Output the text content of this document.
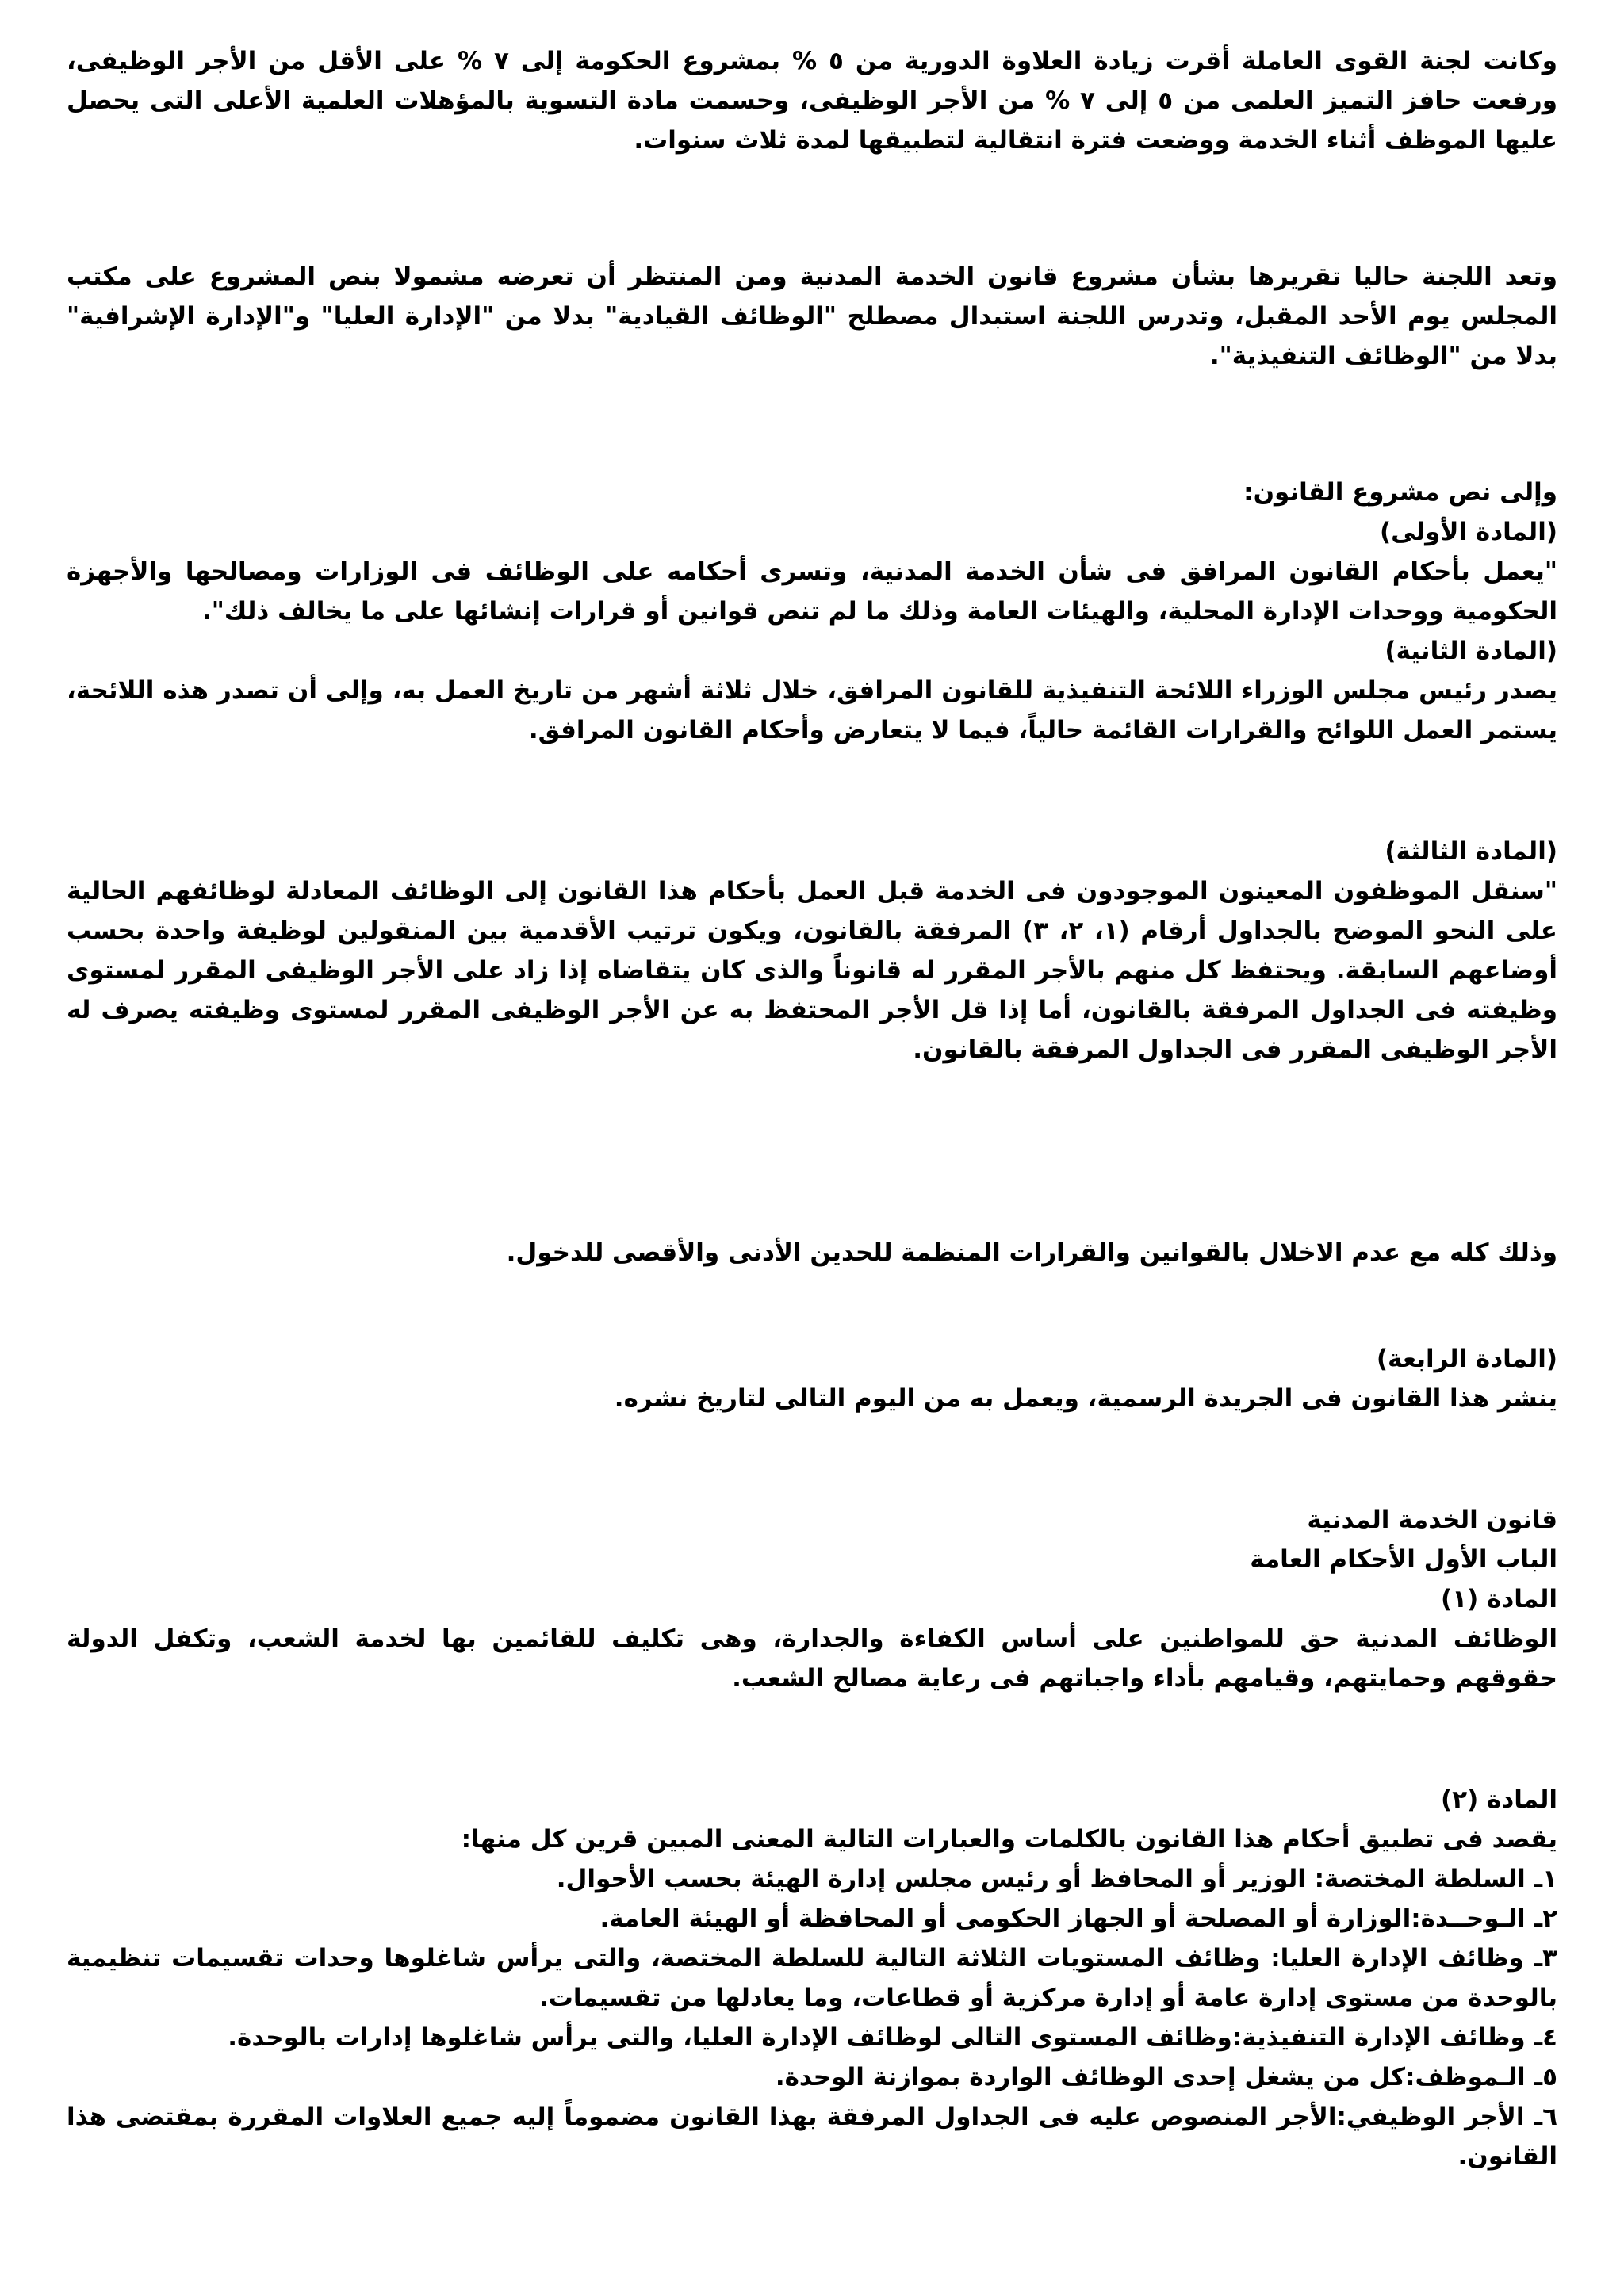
وكانت لجنة القوى العاملة أقرت زيادة العلاوة الدورية من ٥ % بمشروع الحكومة إلى ٧ % على الأقل من الأجر الوظيفى، ورفعت حافز التميز العلمى من ٥ إلى ٧ % من الأجر الوظيفى، وحسمت مادة التسوية بالمؤهلات العلمية الأعلى التى يحصل عليها الموظف أثناء الخدمة ووضعت فترة انتقالية لتطبيقها لمدة ثلاث سنوات.

وتعد اللجنة حاليا تقريرها بشأن مشروع قانون الخدمة المدنية ومن المنتظر أن تعرضه مشمولا بنص المشروع على مكتب المجلس يوم الأحد المقبل، وتدرس اللجنة استبدال مصطلح "الوظائف القيادية" بدلا من "الإدارة العليا" و"الإدارة الإشرافية" بدلا من "الوظائف التنفيذية".

وإلى نص مشروع القانون:

(المادة الأولى)

"يعمل بأحكام القانون المرافق فى شأن الخدمة المدنية، وتسرى أحكامه على الوظائف فى الوزارات ومصالحها والأجهزة الحكومية ووحدات الإدارة المحلية، والهيئات العامة وذلك ما لم تنص قوانين أو قرارات إنشائها على ما يخالف ذلك".

(المادة الثانية)

يصدر رئيس مجلس الوزراء اللائحة التنفيذية للقانون المرافق، خلال ثلاثة أشهر من تاريخ العمل به، وإلى أن تصدر هذه اللائحة، يستمر العمل اللوائح والقرارات القائمة حالياً، فيما لا يتعارض وأحكام القانون المرافق.

(المادة الثالثة)

"سنقل الموظفون المعينون الموجودون فى الخدمة قبل العمل بأحكام هذا القانون إلى الوظائف المعادلة لوظائفهم الحالية على النحو الموضح بالجداول أرقام (١، ٢، ٣) المرفقة بالقانون، ويكون ترتيب الأقدمية بين المنقولين لوظيفة واحدة بحسب أوضاعهم السابقة. ويحتفظ كل منهم بالأجر المقرر له قانوناً والذى كان يتقاضاه إذا زاد على الأجر الوظيفى المقرر لمستوى وظيفته فى الجداول المرفقة بالقانون، أما إذا قل الأجر المحتفظ به عن الأجر الوظيفى المقرر لمستوى وظيفته يصرف له الأجر الوظيفى المقرر فى الجداول المرفقة بالقانون.

وذلك كله مع عدم الاخلال بالقوانين والقرارات المنظمة للحدين الأدنى والأقصى للدخول.

(المادة الرابعة)

ينشر هذا القانون فى الجريدة الرسمية، ويعمل به من اليوم التالى لتاريخ نشره.

قانون الخدمة المدنية

الباب الأول الأحكام العامة

المادة (١)

الوظائف المدنية حق للمواطنين على أساس الكفاءة والجدارة، وهى تكليف للقائمين بها لخدمة الشعب، وتكفل الدولة حقوقهم وحمايتهم، وقيامهم بأداء واجباتهم فى رعاية مصالح الشعب.

المادة (٢)

يقصد فى تطبيق أحكام هذا القانون بالكلمات والعبارات التالية المعنى المبين قرين كل منها:

١ـ السلطة المختصة: الوزير أو المحافظ أو رئيس مجلس إدارة الهيئة بحسب الأحوال.

٢ـ الـوحــدة:الوزارة أو المصلحة أو الجهاز الحكومى أو المحافظة أو الهيئة العامة.

٣ـ وظائف الإدارة العليا: وظائف المستويات الثلاثة التالية للسلطة المختصة، والتى يرأس شاغلوها وحدات تقسيمات تنظيمية بالوحدة من مستوى إدارة عامة أو إدارة مركزية أو قطاعات، وما يعادلها من تقسيمات.

٤ـ وظائف الإدارة التنفيذية:وظائف المستوى التالى لوظائف الإدارة العليا، والتى يرأس شاغلوها إدارات بالوحدة.

٥ـ الـموظف:كل من يشغل إحدى الوظائف الواردة بموازنة الوحدة.

٦ـ الأجر الوظيفي:الأجر المنصوص عليه فى الجداول المرفقة بهذا القانون مضموماً إليه جميع العلاوات المقررة بمقتضى هذا القانون.
